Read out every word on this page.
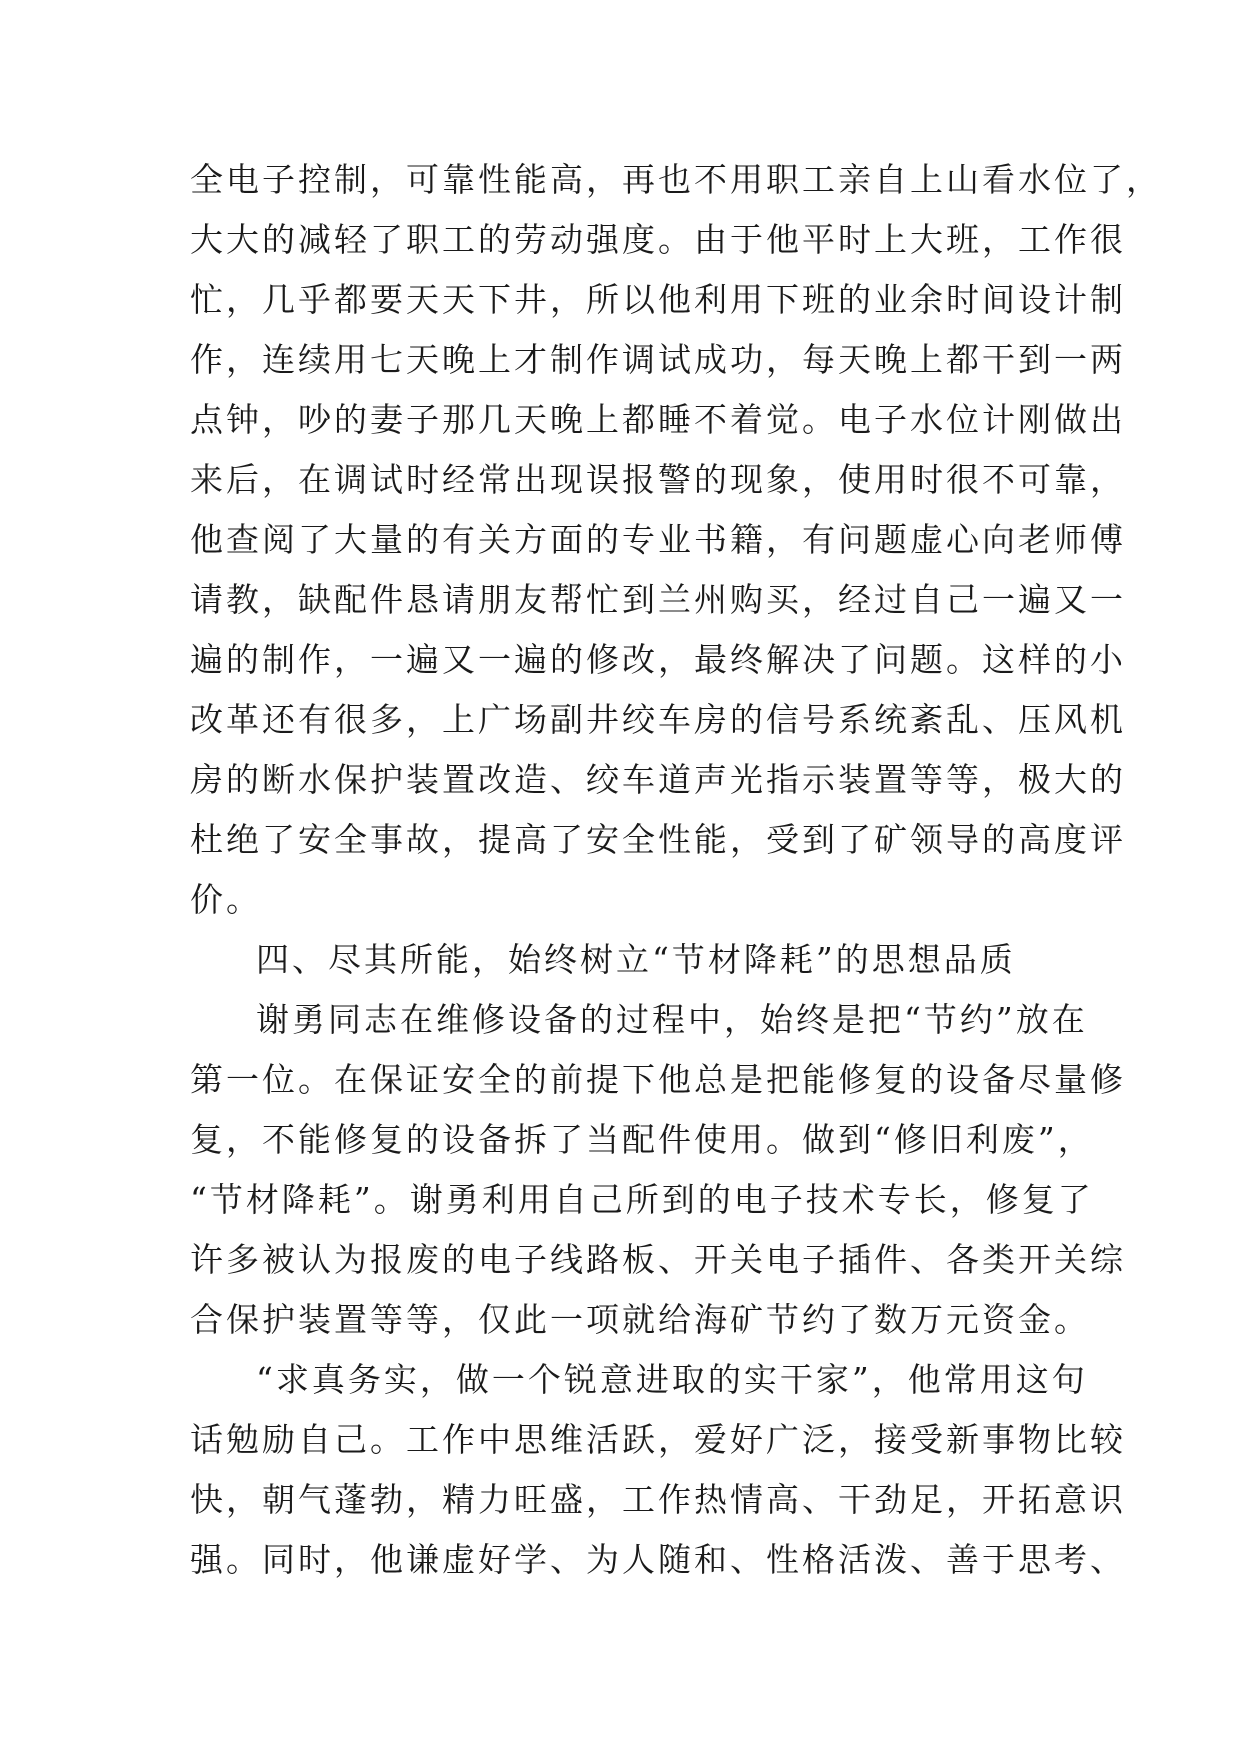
全电子控制，可靠性能高，再也不用职工亲自上山看水位了，
大大的减轻了职工的劳动强度。由于他平时上大班，工作很
忙，几乎都要天天下井，所以他利用下班的业余时间设计制
作，连续用七天晚上才制作调试成功，每天晚上都干到一两
点钟，吵的妻子那几天晚上都睡不着觉。电子水位计刚做出
来后，在调试时经常出现误报警的现象，使用时很不可靠，
他查阅了大量的有关方面的专业书籍，有问题虚心向老师傅
请教，缺配件恳请朋友帮忙到兰州购买，经过自己一遍又一
遍的制作，一遍又一遍的修改，最终解决了问题。这样的小
改革还有很多，上广场副井绞车房的信号系统紊乱、压风机
房的断水保护装置改造、绞车道声光指示装置等等，极大的
杜绝了安全事故，提高了安全性能，受到了矿领导的高度评
价。
四、尽其所能，始终树立“节材降耗”的思想品质
谢勇同志在维修设备的过程中，始终是把“节约”放在
第一位。在保证安全的前提下他总是把能修复的设备尽量修
复，不能修复的设备拆了当配件使用。做到“修旧利废”，
“节材降耗”。谢勇利用自己所到的电子技术专长，修复了
许多被认为报废的电子线路板、开关电子插件、各类开关综
合保护装置等等，仅此一项就给海矿节约了数万元资金。
“求真务实，做一个锐意进取的实干家”，他常用这句
话勉励自己。工作中思维活跃，爱好广泛，接受新事物比较
快，朝气蓬勃，精力旺盛，工作热情高、干劲足，开拓意识
强。同时，他谦虚好学、为人随和、性格活泼、善于思考、
